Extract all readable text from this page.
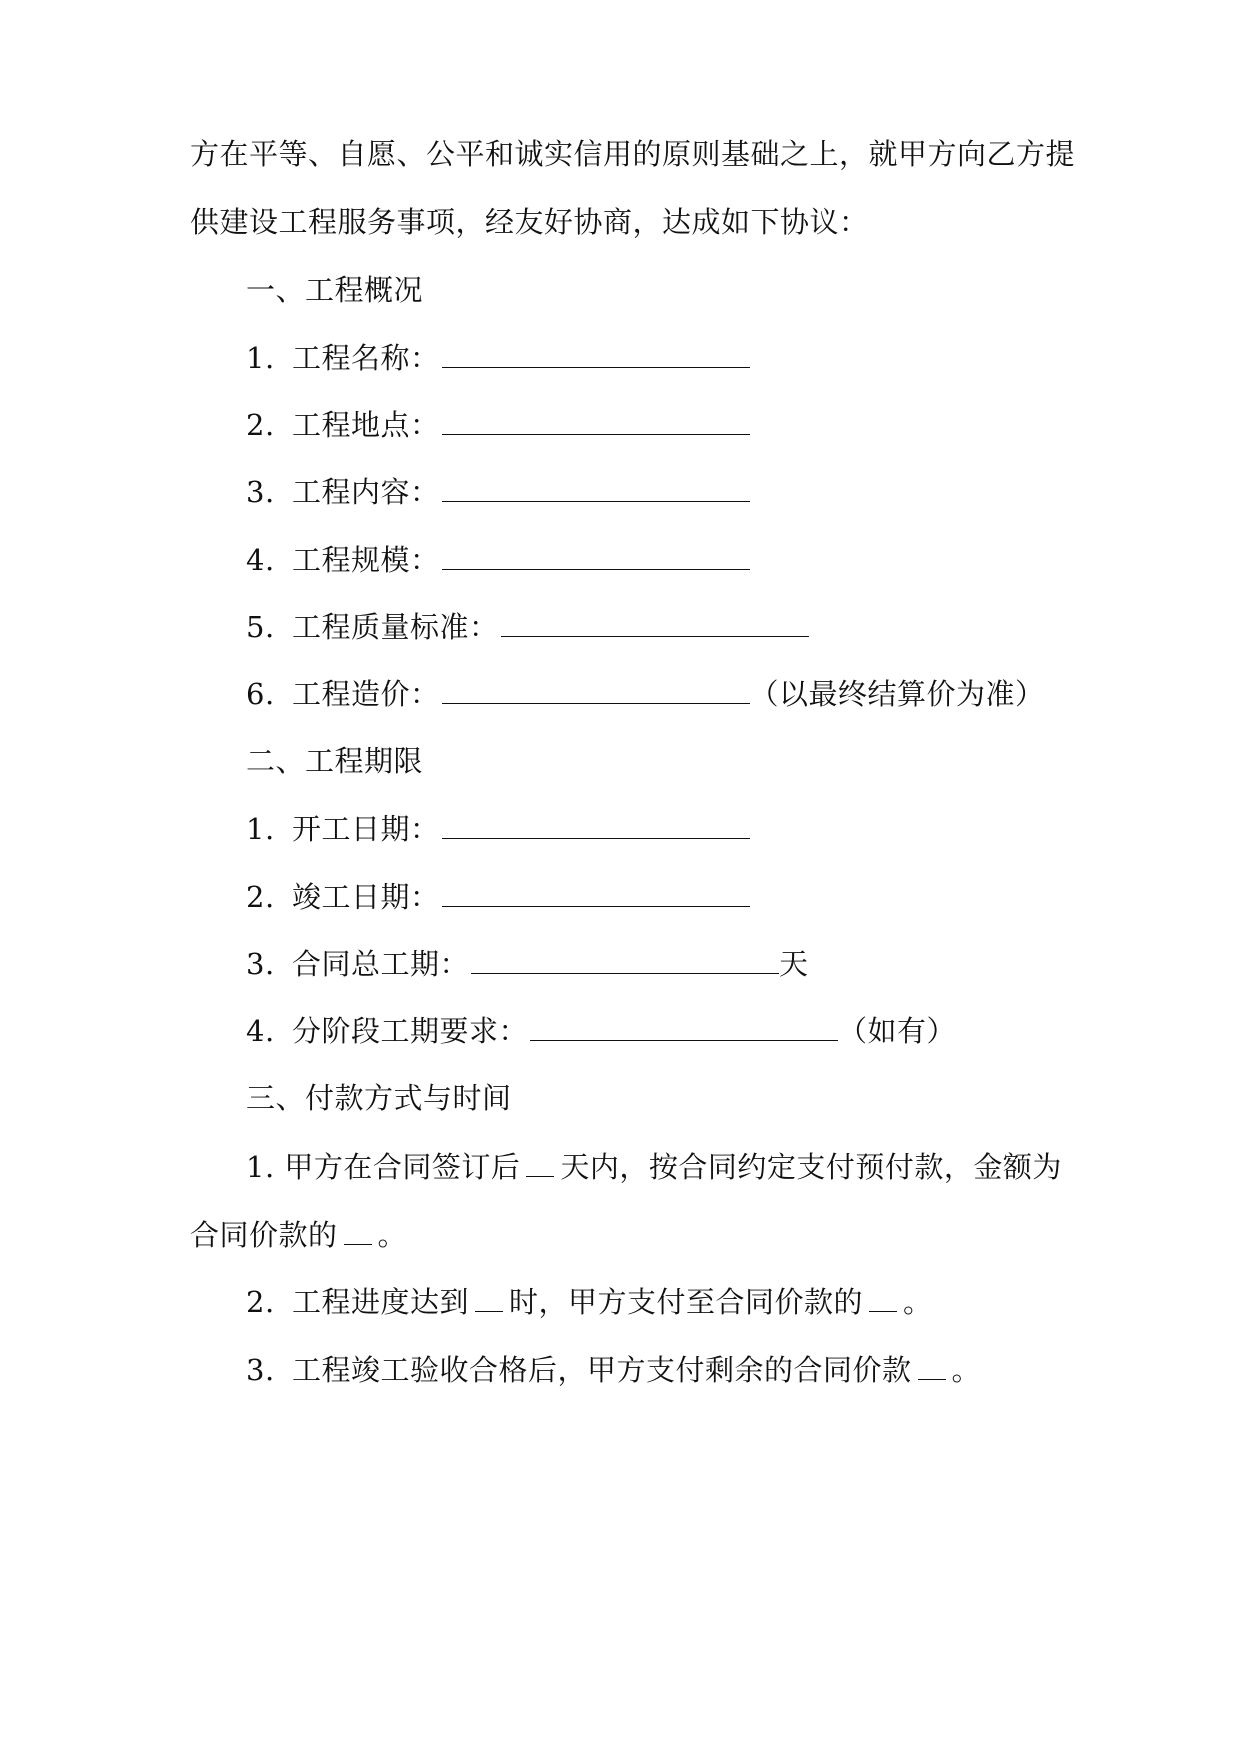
方在平等、自愿、公平和诚实信用的原则基础之上，就甲方向乙方提
供建设工程服务事项，经友好协商，达成如下协议：
一、工程概况
1. 工程名称：
2. 工程地点：
3. 工程内容：
4. 工程规模：
5. 工程质量标准：
6. 工程造价：	（以最终结算价为准）
二、工程期限
1. 开工日期：
2. 竣工日期：
3. 合同总工期：	天
4. 分阶段工期要求：	（如有）
三、付款方式与时间
1. 甲方在合同签订后 天内，按合同约定支付预付款，金额为
合同价款的 。
2. 工程进度达到 时，甲方支付至合同价款的 。
3. 工程竣工验收合格后，甲方支付剩余的合同价款 。
